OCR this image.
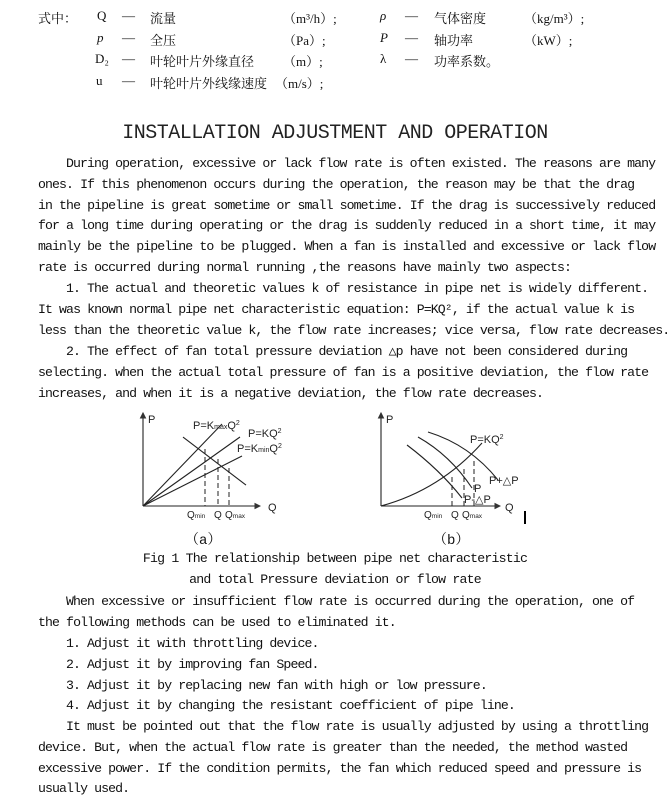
式中： Q — 流量	（m³/h）;
p — 全压	（Pa）;
D₂ — 叶轮叶片外缘直径 （m）;
u — 叶轮叶片外线缘速度 （m/s）;
ρ — 气体密度	（kg/m³）;
P — 轴功率	（kW）;
λ — 功率系数。
INSTALLATION ADJUSTMENT AND OPERATION
During operation, excessive or lack flow rate is often existed. The reasons are many
ones. If this phenomenon occurs during the operation, the reason may be that the drag
in the pipeline is great sometime or small sometime. If the drag is successively reduced
for a long time during operating or the drag is suddenly reduced in a short time, it may
mainly be the pipeline to be plugged. When a fan is installed and excessive or lack flow
rate is occurred during normal running ,the reasons have mainly two aspects:
1. The actual and theoretic values k of resistance in pipe net is widely different.
It was known normal pipe net characteristic equation: P=KQ², if the actual value k is
less than the theoretic value k, the flow rate increases; vice versa, flow rate decreases.
2. The effect of fan total pressure deviation △p have not been considered during
selecting. when the actual total pressure of fan is a positive deviation, the flow rate
increases, and when it is a negative deviation, the flow rate decreases.
P
Q
P=KmaxQ$^2$
$P=KQ^2$
P=KminQ$^2$
Qmin Q Qmax
P
Q
$P=KQ^2$
P+△P
P
P-△P
Qmin Q Qmax
（a）	（b）
Fig 1 The relationship between pipe net characteristic
and total Pressure deviation or flow rate
When excessive or insufficient flow rate is occurred during the operation, one of
the following methods can be used to eliminated it.
1. Adjust it with throttling device.
2. Adjust it by improving fan Speed.
3. Adjust it by replacing new fan with high or low pressure.
4. Adjust it by changing the resistant coefficient of pipe line.
It must be pointed out that the flow rate is usually adjusted by using a throttling
device. But, when the actual flow rate is greater than the needed, the method wasted
excessive power. If the condition permits, the fan which reduced speed and pressure is
usually used.
